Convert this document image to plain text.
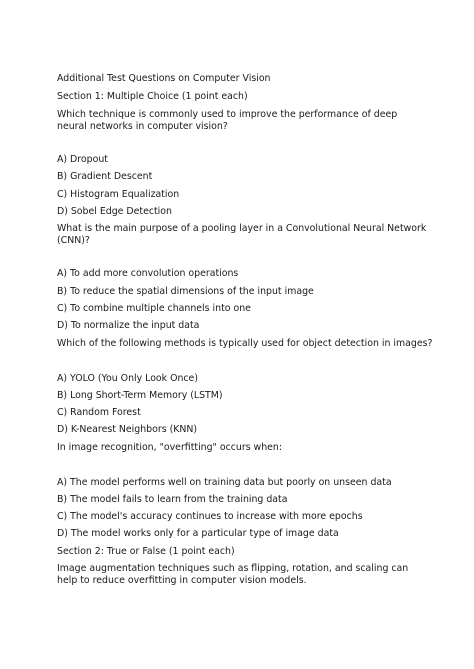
Additional Test Questions on Computer Vision
Section 1: Multiple Choice (1 point each)
Which technique is commonly used to improve the performance of deep neural networks in computer vision?
A) Dropout
B) Gradient Descent
C) Histogram Equalization
D) Sobel Edge Detection
What is the main purpose of a pooling layer in a Convolutional Neural Network (CNN)?
A) To add more convolution operations
B) To reduce the spatial dimensions of the input image
C) To combine multiple channels into one
D) To normalize the input data
Which of the following methods is typically used for object detection in images?
A) YOLO (You Only Look Once)
B) Long Short-Term Memory (LSTM)
C) Random Forest
D) K-Nearest Neighbors (KNN)
In image recognition, "overfitting" occurs when:
A) The model performs well on training data but poorly on unseen data
B) The model fails to learn from the training data
C) The model's accuracy continues to increase with more epochs
D) The model works only for a particular type of image data
Section 2: True or False (1 point each)
Image augmentation techniques such as flipping, rotation, and scaling can help to reduce overfitting in computer vision models.
